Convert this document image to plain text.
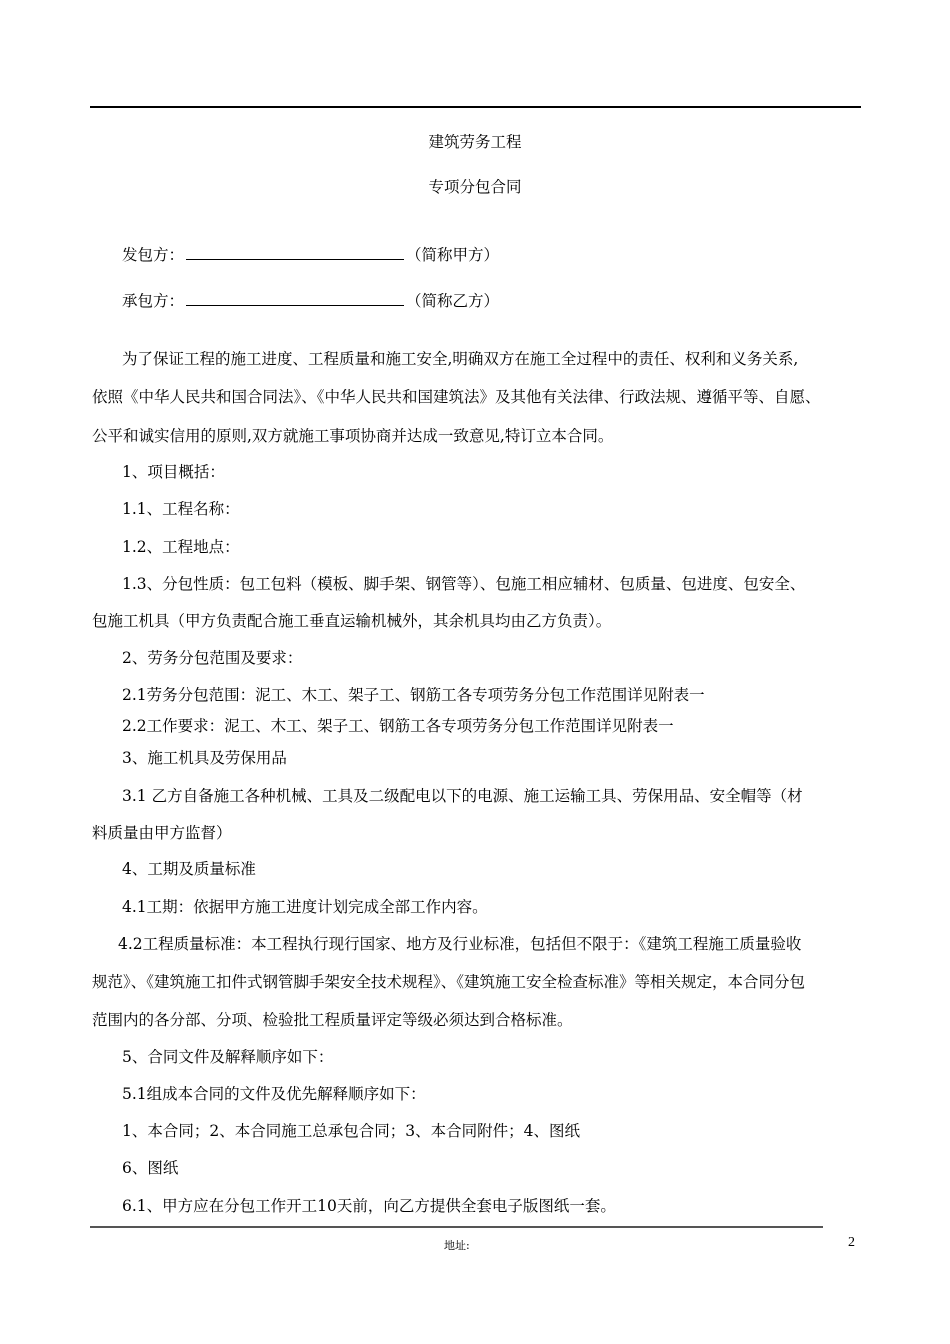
建筑劳务工程
专项分包合同
发包方：	（简称甲方）
承包方：	（简称乙方）
为了保证工程的施工进度、工程质量和施工安全,明确双方在施工全过程中的责任、权利和义务关系,
依照《中华人民共和国合同法》、《中华人民共和国建筑法》及其他有关法律、行政法规、遵循平等、自愿、
公平和诚实信用的原则,双方就施工事项协商并达成一致意见,特订立本合同。
1、项目概括：
1.1、工程名称：
1.2、工程地点：
1.3、分包性质：包工包料（模板、脚手架、钢管等）、包施工相应辅材、包质量、包进度、包安全、
包施工机具（甲方负责配合施工垂直运输机械外，其余机具均由乙方负责）。
2、劳务分包范围及要求：
2.1劳务分包范围：泥工、木工、架子工、钢筋工各专项劳务分包工作范围详见附表一
2.2工作要求：泥工、木工、架子工、钢筋工各专项劳务分包工作范围详见附表一
3、施工机具及劳保用品
3.1 乙方自备施工各种机械、工具及二级配电以下的电源、施工运输工具、劳保用品、安全帽等（材
料质量由甲方监督）
4、工期及质量标准
4.1工期：依据甲方施工进度计划完成全部工作内容。
4.2工程质量标准：本工程执行现行国家、地方及行业标准，包括但不限于：《建筑工程施工质量验收
规范》、《建筑施工扣件式钢管脚手架安全技术规程》、《建筑施工安全检查标准》等相关规定，本合同分包
范围内的各分部、分项、检验批工程质量评定等级必须达到合格标准。
5、合同文件及解释顺序如下：
5.1组成本合同的文件及优先解释顺序如下：
1、本合同；2、本合同施工总承包合同；3、本合同附件；4、图纸
6、图纸
6.1、甲方应在分包工作开工10天前，向乙方提供全套电子版图纸一套。
地址:	2
